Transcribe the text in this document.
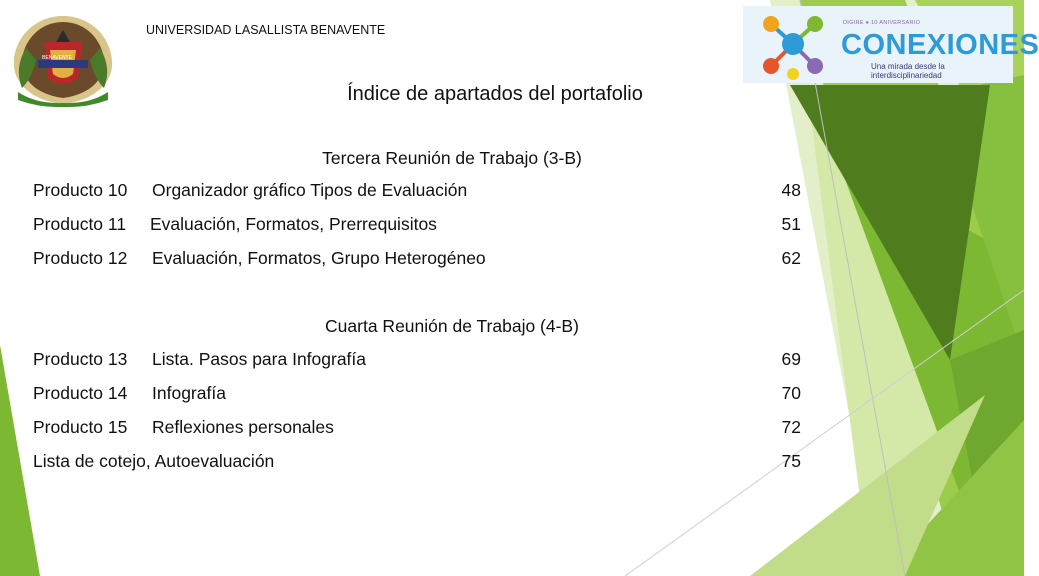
BENAVENTE
UNIVERSIDAD LASALLISTA BENAVENTE	DIGIRE ● 10 ANIVERSARIO
CONEXIONES
Una mirada desde la interdisciplinariedad
Índice de apartados del portafolio
Tercera Reunión de Trabajo (3-B)
Producto 10 Organizador gráfico Tipos de Evaluación	48
Producto 11 Evaluación, Formatos, Prerrequisitos	51
Producto 12 Evaluación, Formatos, Grupo Heterogéneo	62
Cuarta Reunión de Trabajo (4-B)
Producto 13 Lista. Pasos para Infografía	69
Producto 14 Infografía	70
Producto 15 Reflexiones personales	72
Lista de cotejo, Autoevaluación	75
